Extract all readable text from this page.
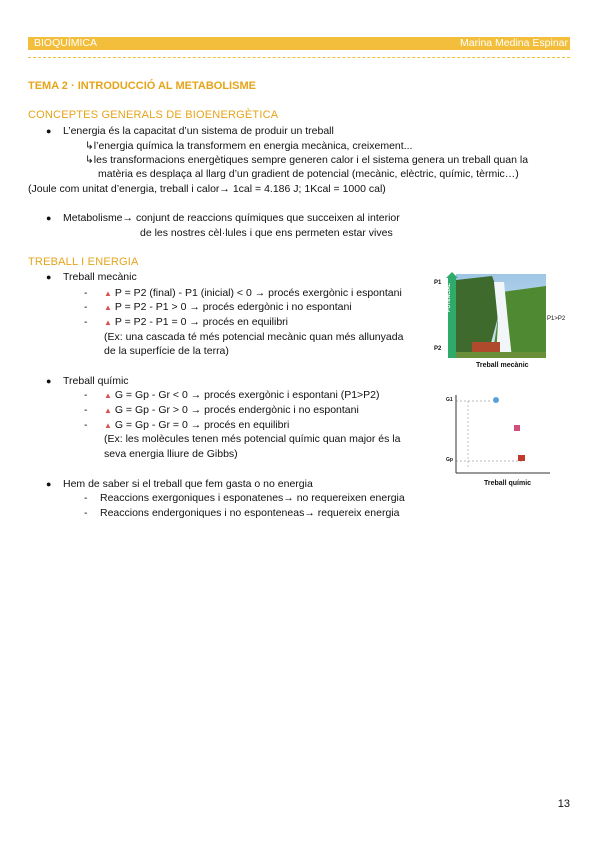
BIOQUÍMICA	Marina Medina Espinar
TEMA 2 · INTRODUCCIÓ AL METABOLISME
CONCEPTES GENERALS DE BIOENERGÈTICA
● L’energia és la capacitat d’un sistema de produir un treball
↳l’energia química la transformem en energia mecànica, creixement...
↳les transformacions energètiques sempre generen calor i el sistema genera un treball quan la
matèria es desplaça al llarg d’un gradient de potencial (mecànic, elèctric, químic, tèrmic…)
(Joule com unitat d’energia, treball i calor→ 1cal = 4.186 J; 1Kcal = 1000 cal)
● Metabolisme→ conjunt de reaccions químiques que succeixen al interior
de les nostres cèl·lules i que ens permeten estar vives
TREBALL I ENERGIA
● Treball mecànic
- ▲ P = P2 (final) - P1 (inicial) < 0 → procés exergònic i espontani
- ▲ P = P2 - P1 > 0 → procés edergònic i no espontani
- ▲ P = P2 - P1 = 0 → procés en equilibri
(Ex: una cascada té més potencial mecànic quan més allunyada
de la superfície de la terra)
● Treball químic
- ▲ G = Gp - Gr < 0 → procés exergònic i espontani (P1>P2)
- ▲ G = Gp - Gr > 0 → procés endergònic i no espontani
- ▲ G = Gp - Gr = 0 → procés en equilibri
(Ex: les molècules tenen més potencial químic quan major és la
seva energia lliure de Gibbs)
● Hem de saber si el treball que fem gasta o no energia
- Reaccions exergoniques i esponatenes→ no requereixen energia
- Reaccions endergoniques i no esponteneas→ requereix energia
P1
P2
POTENCIAL
P1>P2
Treball mecànic
G1
Gp
Treball químic
13
